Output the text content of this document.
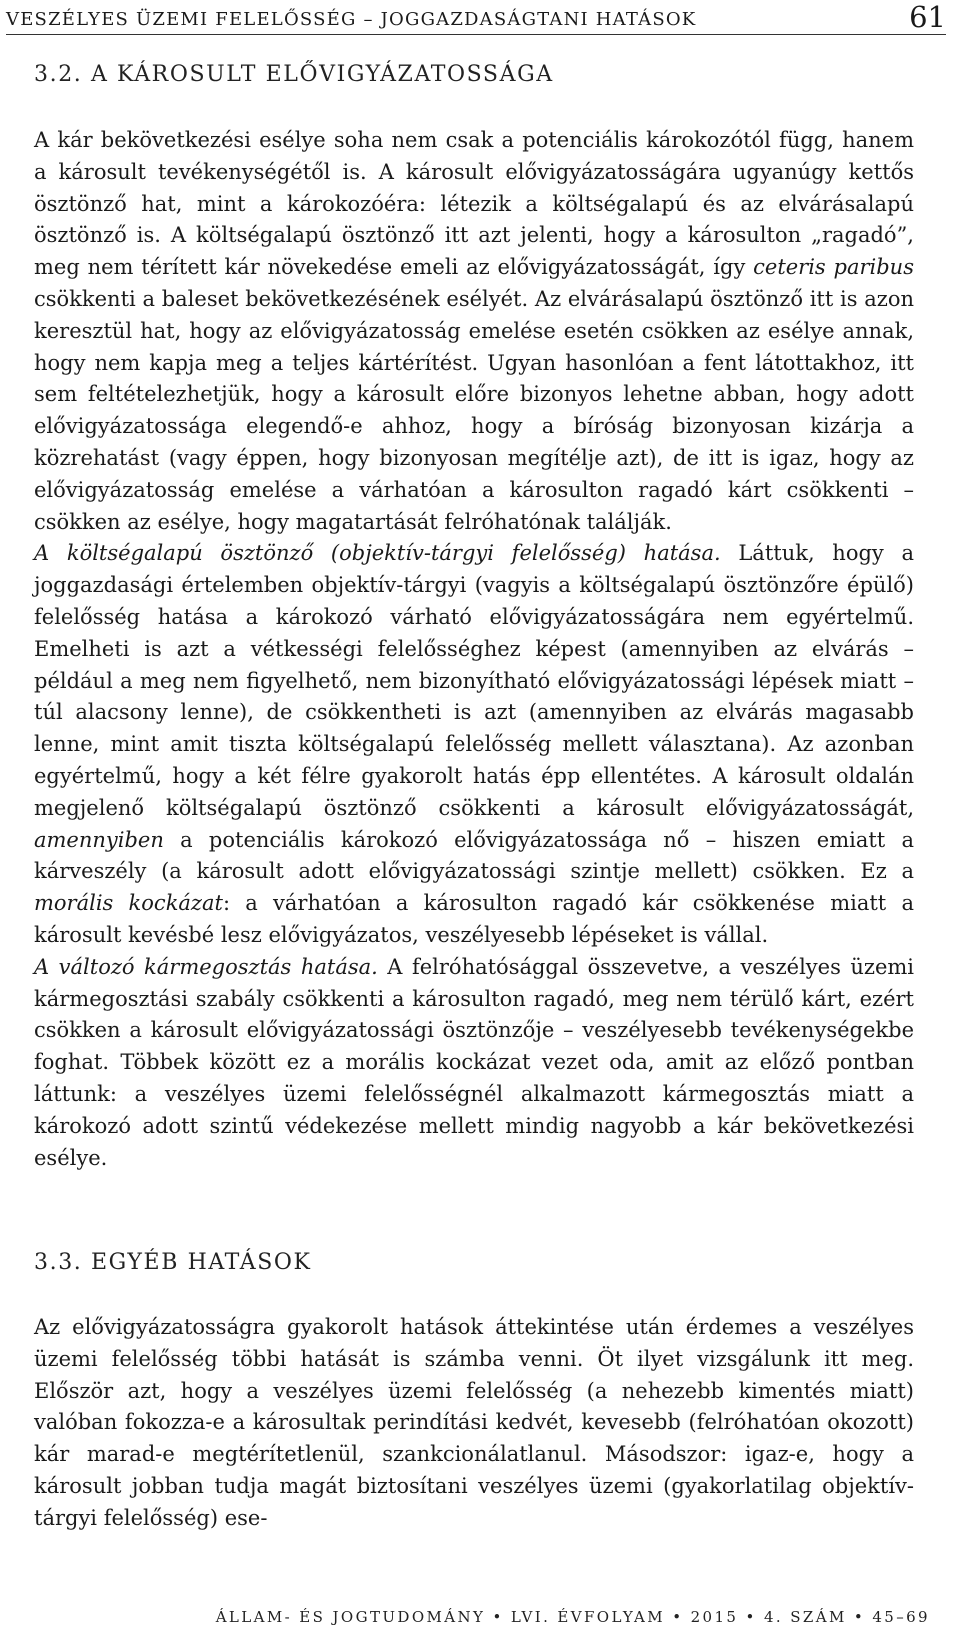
VESZÉLYES ÜZEMI FELELŐSSÉG – JOGGAZDASÁGTANI HATÁSOK	61
3.2. A KÁROSULT ELŐVIGYÁZATOSSÁGA

A kár bekövetkezési esélye soha nem csak a potenciális károkozótól függ, hanem a károsult tevékenységétől is. A károsult elővigyázatosságára ugyanúgy kettős ösztönző hat, mint a károkozóéra: létezik a költségalapú és az elvárásalapú ösztönző is. A költségalapú ösztönző itt azt jelenti, hogy a károsulton „ragadó”, meg nem térített kár növekedése emeli az elővigyázatosságát, így ceteris paribus csökkenti a baleset bekövetkezésének esélyét. Az elvárásalapú ösztönző itt is azon keresztül hat, hogy az elővigyázatosság emelése esetén csökken az esélye annak, hogy nem kapja meg a teljes kártérítést. Ugyan hasonlóan a fent látottakhoz, itt sem feltételezhetjük, hogy a károsult előre bizonyos lehetne abban, hogy adott elővigyázatossága elegendő-e ahhoz, hogy a bíróság bizonyosan kizárja a közrehatást (vagy éppen, hogy bizonyosan megítélje azt), de itt is igaz, hogy az elővigyázatosság emelése a várhatóan a károsulton ragadó kárt csökkenti – csökken az esélye, hogy magatartását felróhatónak találják.

A költségalapú ösztönző (objektív-tárgyi felelősség) hatása. Láttuk, hogy a joggazdasági értelemben objektív-tárgyi (vagyis a költségalapú ösztönzőre épülő) felelősség hatása a károkozó várható elővigyázatosságára nem egyértelmű. Emelheti is azt a vétkességi felelősséghez képest (amennyiben az elvárás – például a meg nem figyelhető, nem bizonyítható elővigyázatossági lépések miatt – túl alacsony lenne), de csökkentheti is azt (amennyiben az elvárás magasabb lenne, mint amit tiszta költségalapú felelősség mellett választana). Az azonban egyértelmű, hogy a két félre gyakorolt hatás épp ellentétes. A károsult oldalán megjelenő költségalapú ösztönző csökkenti a károsult elővigyázatosságát, amennyiben a potenciális károkozó elővigyázatossága nő – hiszen emiatt a kárveszély (a károsult adott elővigyázatossági szintje mellett) csökken. Ez a morális kockázat: a várhatóan a károsulton ragadó kár csökkenése miatt a károsult kevésbé lesz elővigyázatos, veszélyesebb lépéseket is vállal.

A változó kármegosztás hatása. A felróhatósággal összevetve, a veszélyes üzemi kármegosztási szabály csökkenti a károsulton ragadó, meg nem térülő kárt, ezért csökken a károsult elővigyázatossági ösztönzője – veszélyesebb tevékenységekbe foghat. Többek között ez a morális kockázat vezet oda, amit az előző pontban láttunk: a veszélyes üzemi felelősségnél alkalmazott kármegosztás miatt a károkozó adott szintű védekezése mellett mindig nagyobb a kár bekövetkezési esélye.

3.3. EGYÉB HATÁSOK

Az elővigyázatosságra gyakorolt hatások áttekintése után érdemes a veszélyes üzemi felelősség többi hatását is számba venni. Öt ilyet vizsgálunk itt meg. Először azt, hogy a veszélyes üzemi felelősség (a nehezebb kimentés miatt) valóban fokozza-e a károsultak perindítási kedvét, kevesebb (felróhatóan okozott) kár marad-e megtérítetlenül, szankcionálatlanul. Másodszor: igaz-e, hogy a károsult jobban tudja magát biztosítani veszélyes üzemi (gyakorlatilag objektív-tárgyi felelősség) ese-

ÁLLAM- ÉS JOGTUDOMÁNY • LVI. ÉVFOLYAM • 2015 • 4. SZÁM • 45–69
